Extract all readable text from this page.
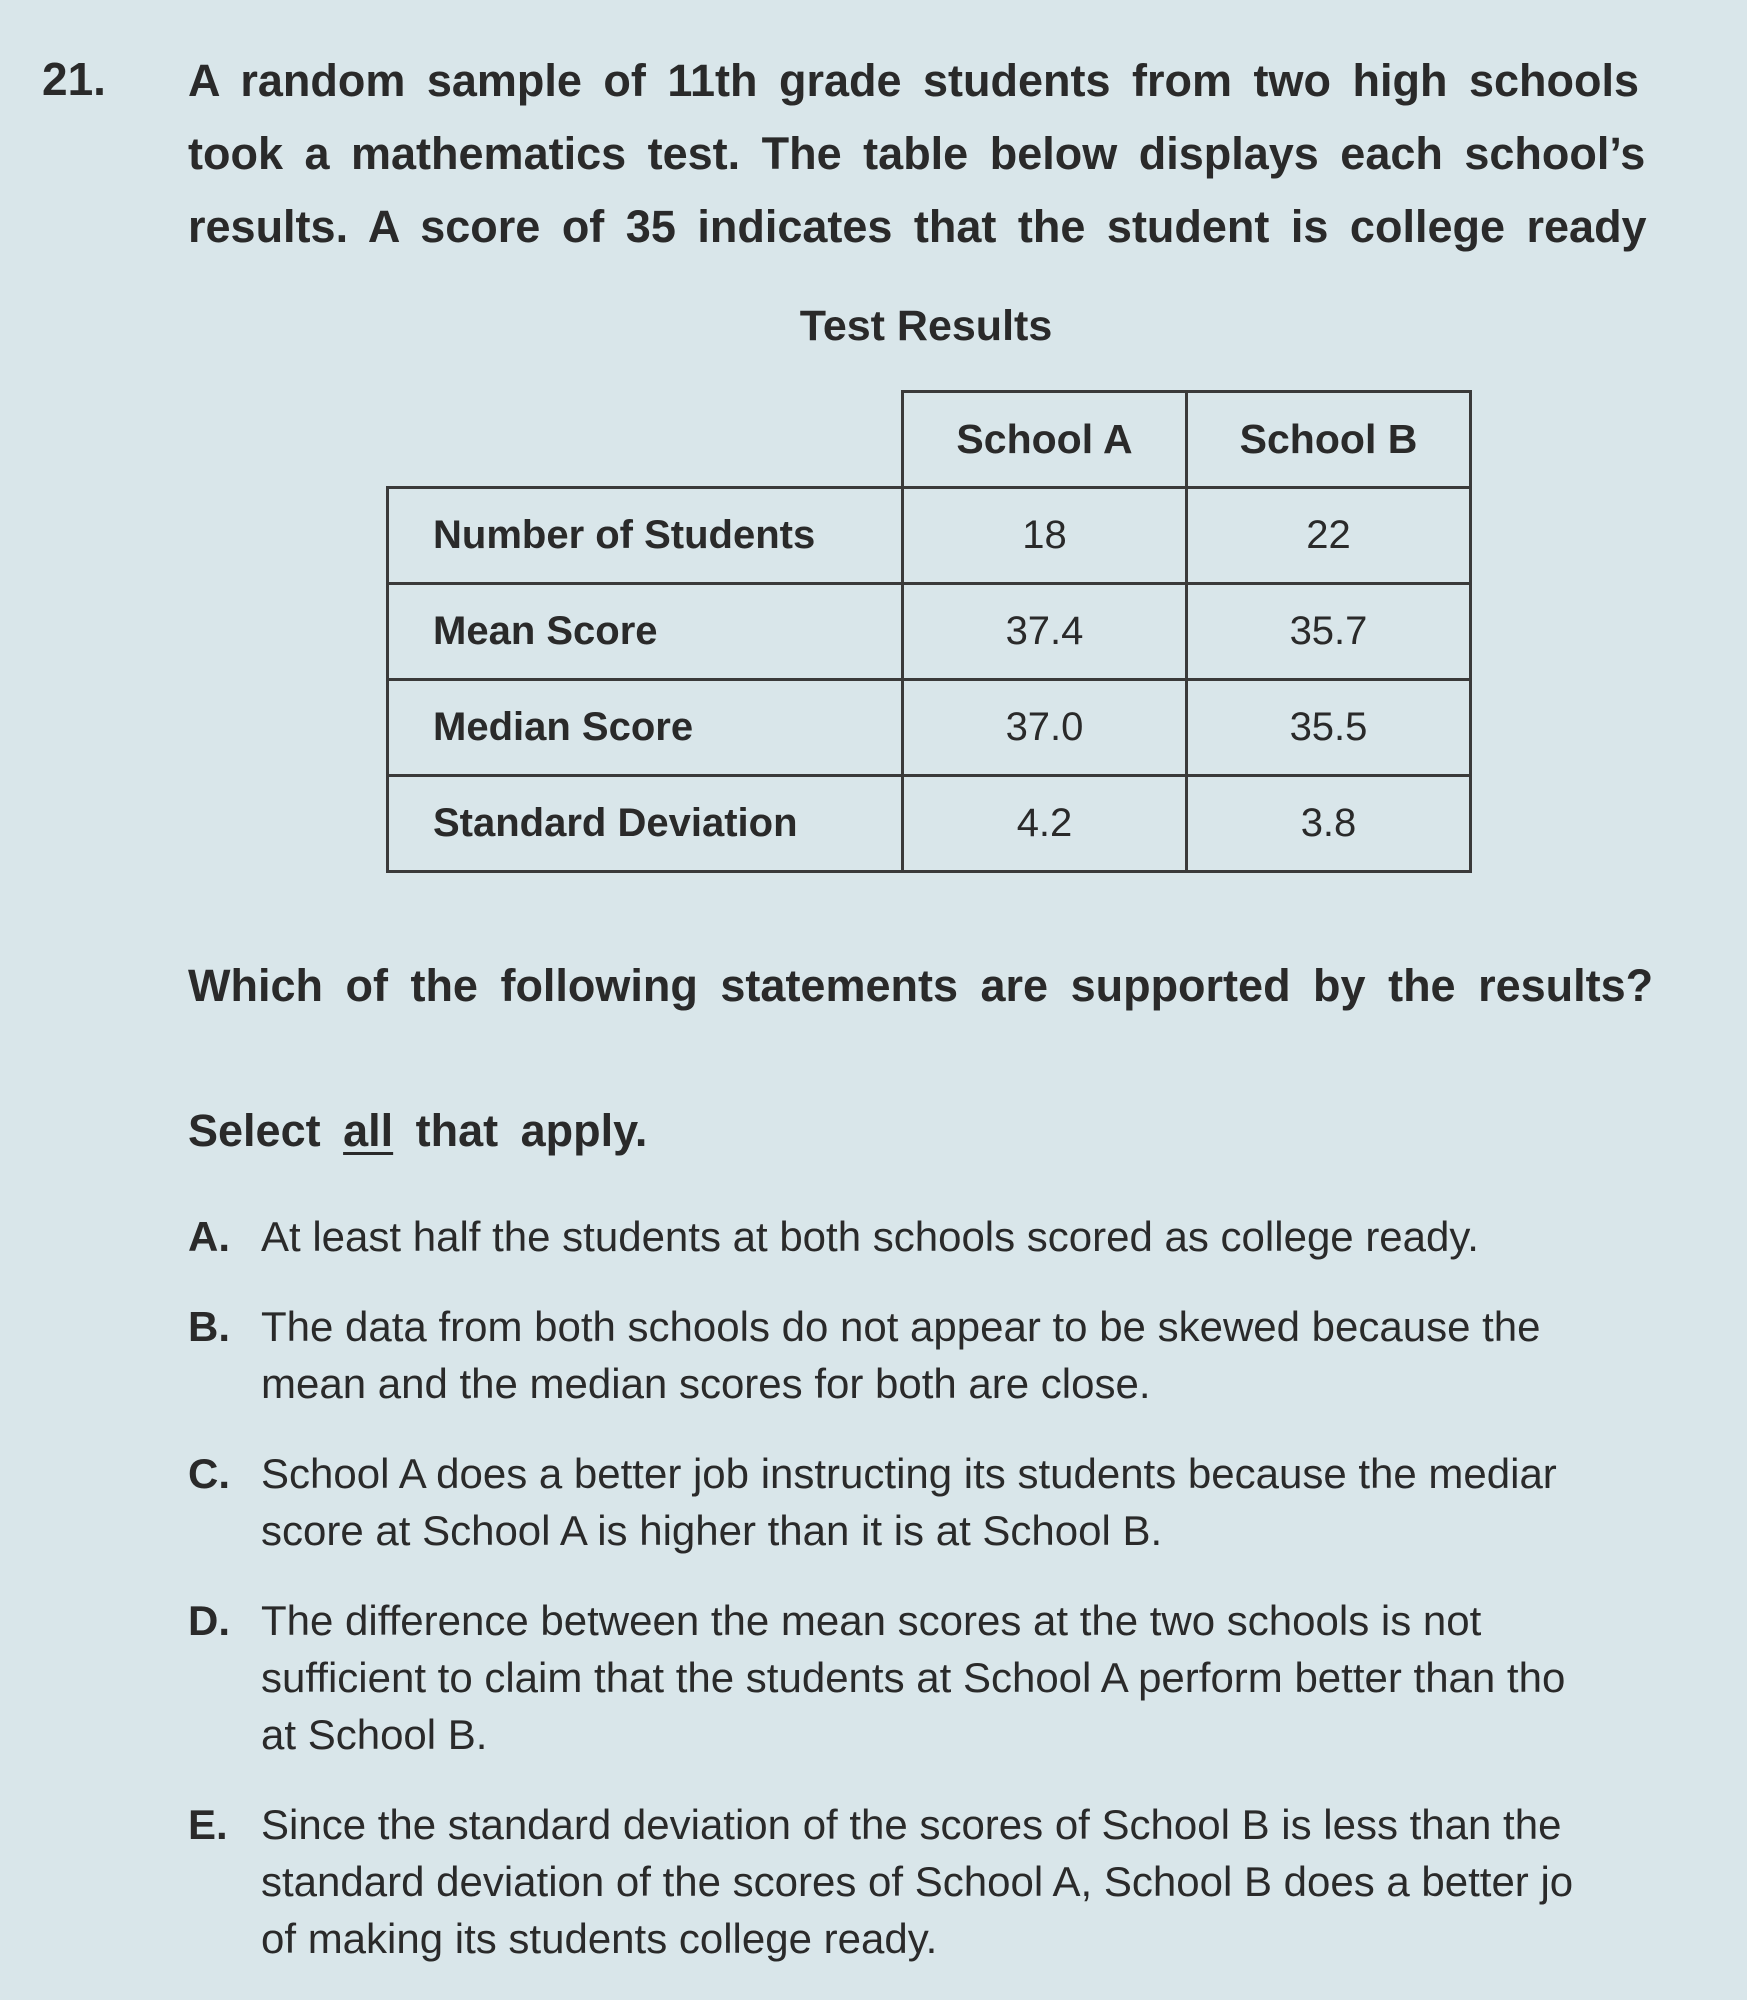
21. A random sample of 11th grade students from two high schools
took a mathematics test. The table below displays each school’s
results. A score of 35 indicates that the student is college ready
Test Results
	School A	School B
Number of Students	18	22
Mean Score	37.4	35.7
Median Score	37.0	35.5
Standard Deviation	4.2	3.8
Which of the following statements are supported by the results?
Select all that apply.
A. At least half the students at both schools scored as college ready.
B. The data from both schools do not appear to be skewed because the
mean and the median scores for both are close.
C. School A does a better job instructing its students because the mediar
score at School A is higher than it is at School B.
D. The difference between the mean scores at the two schools is not
sufficient to claim that the students at School A perform better than tho
at School B.
E. Since the standard deviation of the scores of School B is less than the
standard deviation of the scores of School A, School B does a better jo
of making its students college ready.
